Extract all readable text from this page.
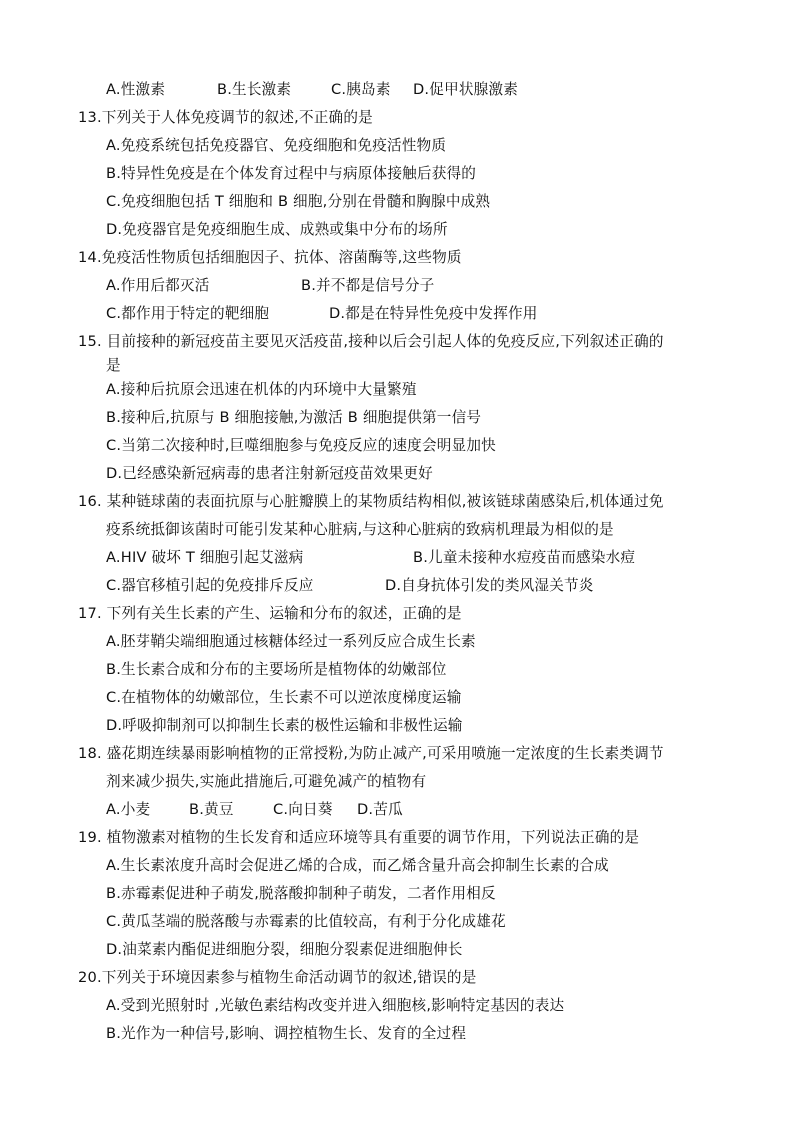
A.性激素	B.生长激素	C.胰岛素 D.促甲状腺激素
13.下列关于人体免疫调节的叙述,不正确的是
A.免疫系统包括免疫器官、免疫细胞和免疫活性物质
B.特异性免疫是在个体发育过程中与病原体接触后获得的
C.免疫细胞包括 T 细胞和 B 细胞,分别在骨髓和胸腺中成熟
D.免疫器官是免疫细胞生成、成熟或集中分布的场所
14.免疫活性物质包括细胞因子、抗体、溶菌酶等,这些物质
A.作用后都灭活	B.并不都是信号分子
C.都作用于特定的靶细胞	D.都是在特异性免疫中发挥作用
15. 目前接种的新冠疫苗主要见灭活疫苗,接种以后会引起人体的免疫反应,下列叙述正确的
是
A.接种后抗原会迅速在机体的内环境中大量繁殖
B.接种后,抗原与 B 细胞接触,为激活 B 细胞提供第一信号
C.当第二次接种时,巨噬细胞参与免疫反应的速度会明显加快
D.已经感染新冠病毒的患者注射新冠疫苗效果更好
16. 某种链球菌的表面抗原与心脏瓣膜上的某物质结构相似,被该链球菌感染后,机体通过免
疫系统抵御该菌时可能引发某种心脏病,与这种心脏病的致病机理最为相似的是
A.HIV 破坏 T 细胞引起艾滋病	B.儿童未接种水痘疫苗而感染水痘
C.器官移植引起的免疫排斥反应	D.自身抗体引发的类风湿关节炎
17. 下列有关生长素的产生、运输和分布的叙述，正确的是
A.胚芽鞘尖端细胞通过核糖体经过一系列反应合成生长素
B.生长素合成和分布的主要场所是植物体的幼嫩部位
C.在植物体的幼嫩部位，生长素不可以逆浓度梯度运输
D.呼吸抑制剂可以抑制生长素的极性运输和非极性运输
18. 盛花期连续暴雨影响植物的正常授粉,为防止减产,可采用喷施一定浓度的生长素类调节
剂来减少损失,实施此措施后,可避免减产的植物有
A.小麦	B.黄豆	C.向日葵 D.苦瓜
19. 植物激素对植物的生长发育和适应环境等具有重要的调节作用，下列说法正确的是
A.生长素浓度升高时会促进乙烯的合成，而乙烯含量升高会抑制生长素的合成
B.赤霉素促进种子萌发,脱落酸抑制种子萌发，二者作用相反
C.黄瓜茎端的脱落酸与赤霉素的比值较高，有利于分化成雄花
D.油菜素内酯促进细胞分裂，细胞分裂素促进细胞伸长
20.下列关于环境因素参与植物生命活动调节的叙述,错误的是
A.受到光照射时 ,光敏色素结构改变并进入细胞核,影响特定基因的表达
B.光作为一种信号,影响、调控植物生长、发育的全过程
